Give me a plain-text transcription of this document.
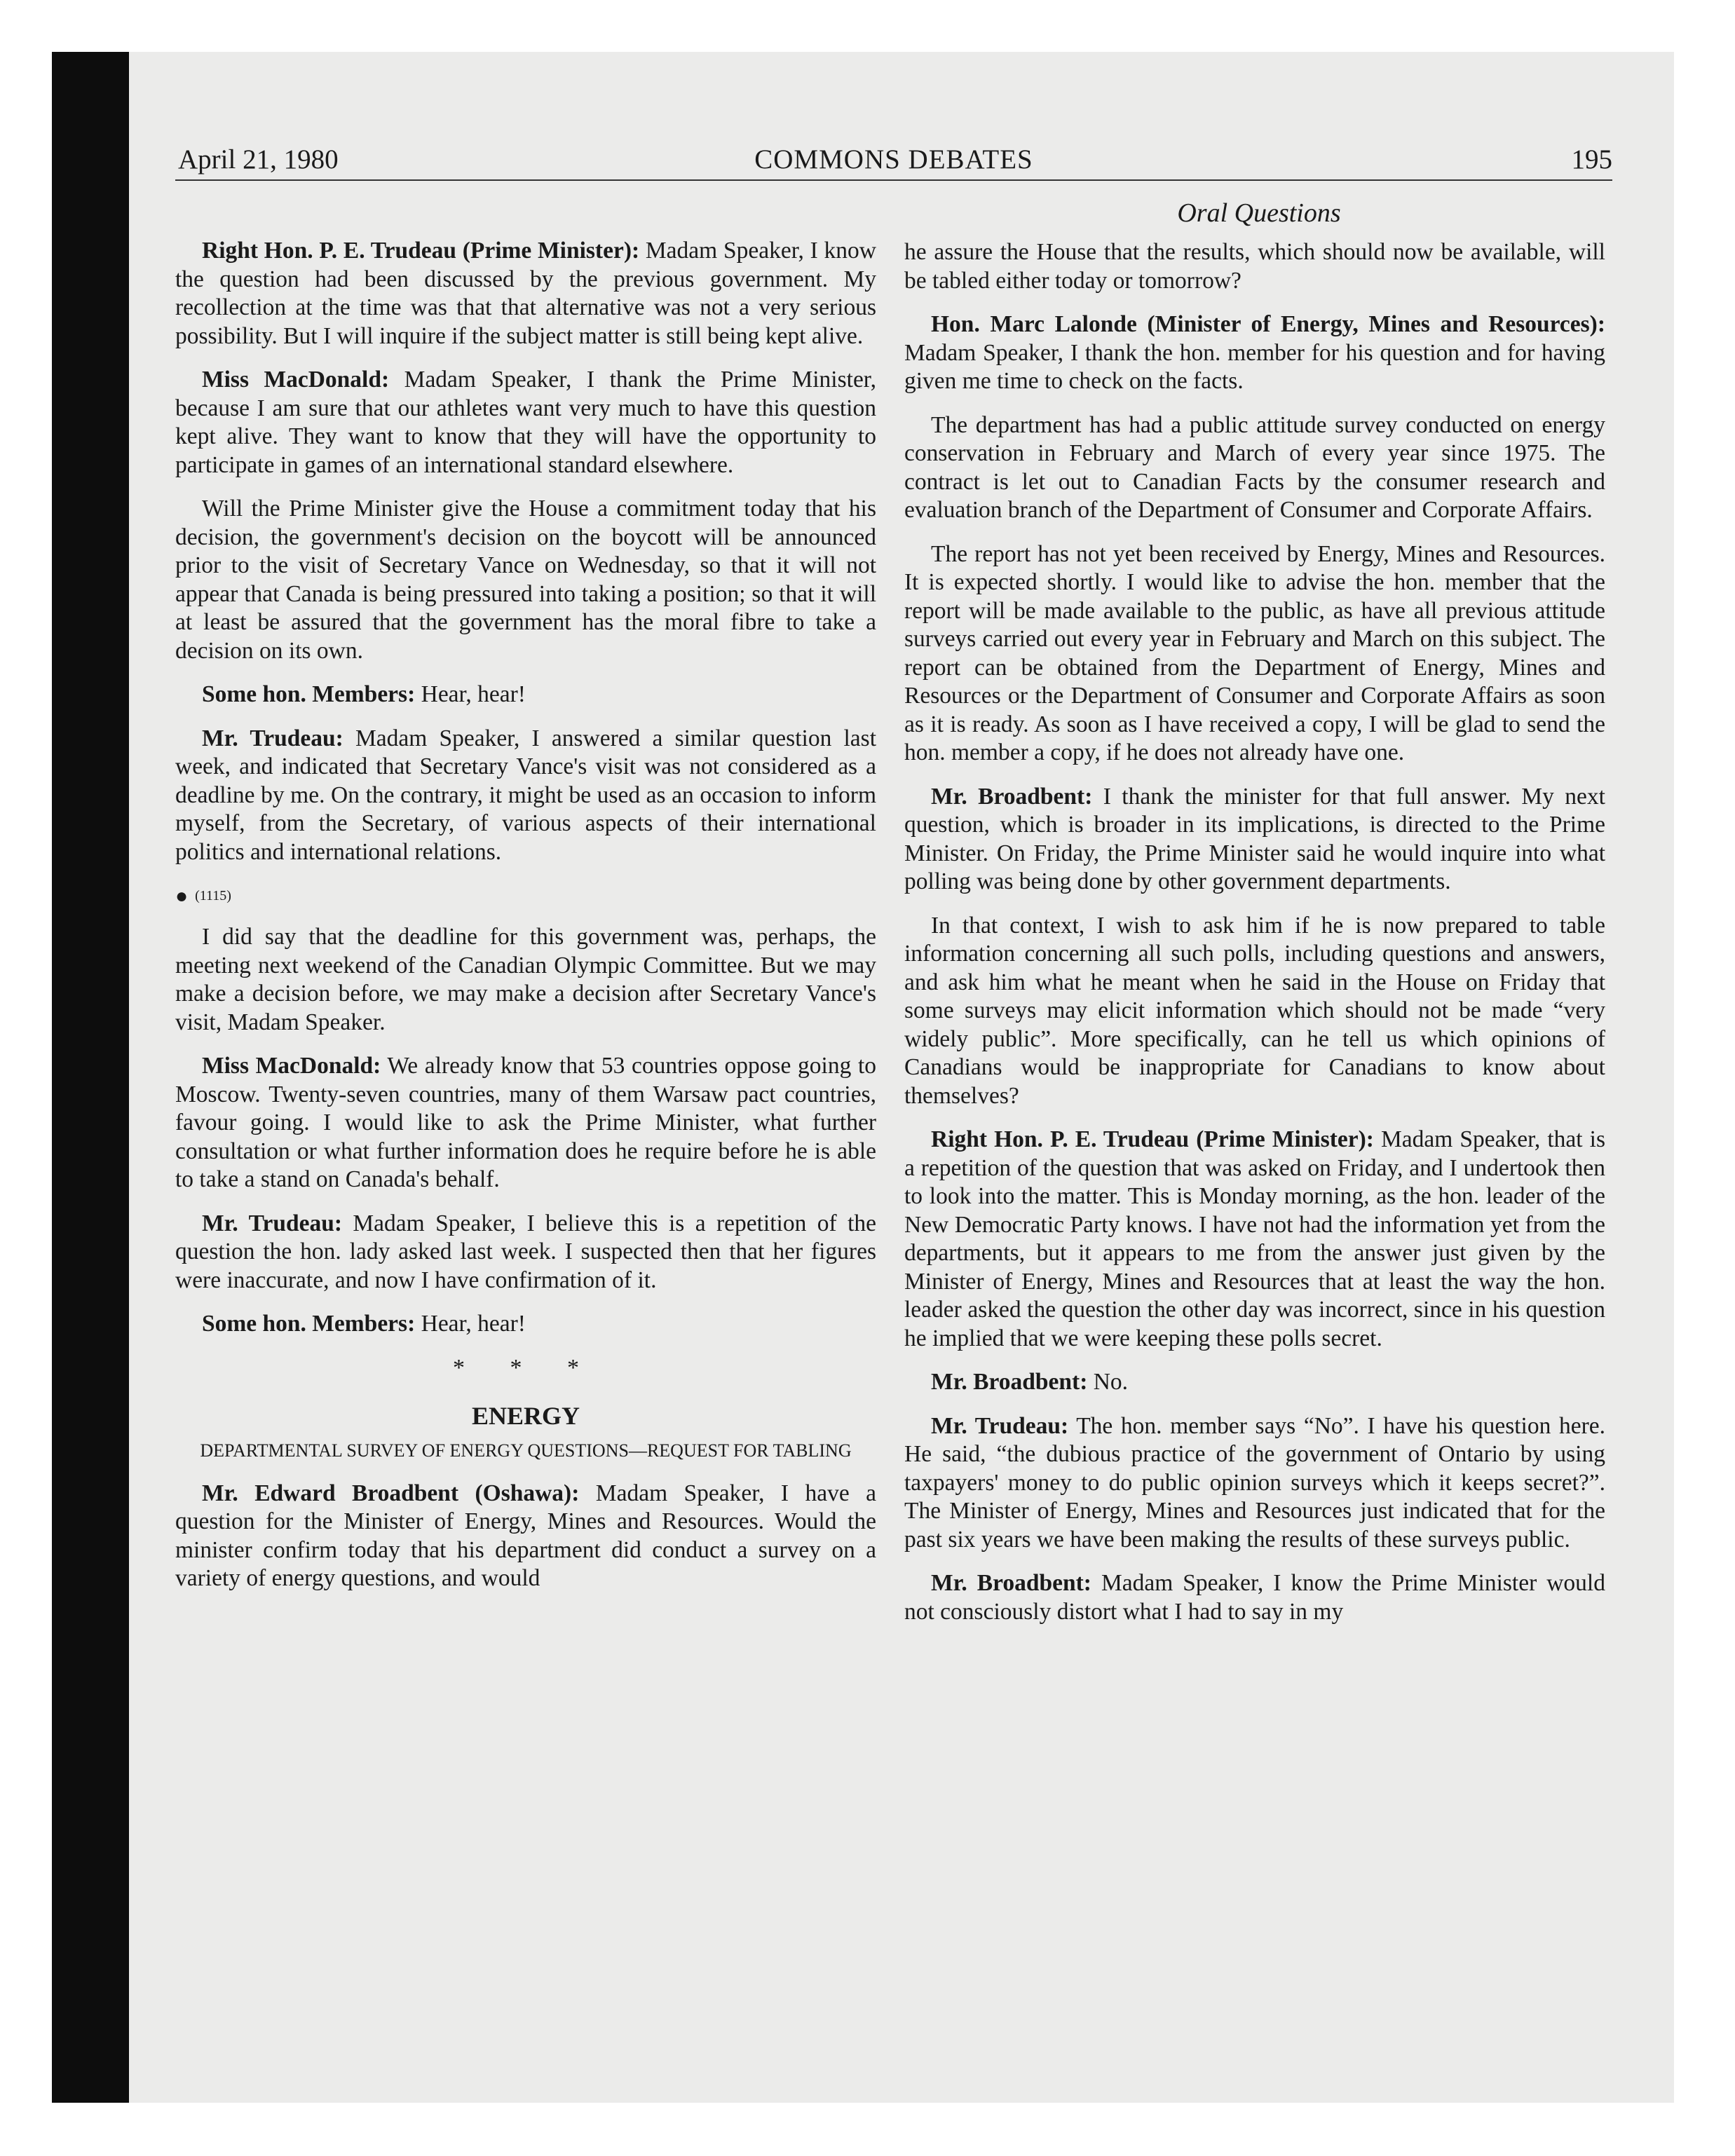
COMMONS DEBATES
April 21, 1980	195
Oral Questions

Right Hon. P. E. Trudeau (Prime Minister): Madam Speaker, I know the question had been discussed by the previous government. My recollection at the time was that that alternative was not a very serious possibility. But I will inquire if the subject matter is still being kept alive.

Miss MacDonald: Madam Speaker, I thank the Prime Minister, because I am sure that our athletes want very much to have this question kept alive. They want to know that they will have the opportunity to participate in games of an international standard elsewhere.

Will the Prime Minister give the House a commitment today that his decision, the government's decision on the boycott will be announced prior to the visit of Secretary Vance on Wednesday, so that it will not appear that Canada is being pressured into taking a position; so that it will at least be assured that the government has the moral fibre to take a decision on its own.

Some hon. Members: Hear, hear!

Mr. Trudeau: Madam Speaker, I answered a similar question last week, and indicated that Secretary Vance's visit was not considered as a deadline by me. On the contrary, it might be used as an occasion to inform myself, from the Secretary, of various aspects of their international politics and international relations.

● (1115)

I did say that the deadline for this government was, perhaps, the meeting next weekend of the Canadian Olympic Committee. But we may make a decision before, we may make a decision after Secretary Vance's visit, Madam Speaker.

Miss MacDonald: We already know that 53 countries oppose going to Moscow. Twenty-seven countries, many of them Warsaw pact countries, favour going. I would like to ask the Prime Minister, what further consultation or what further information does he require before he is able to take a stand on Canada's behalf.

Mr. Trudeau: Madam Speaker, I believe this is a repetition of the question the hon. lady asked last week. I suspected then that her figures were inaccurate, and now I have confirmation of it.

Some hon. Members: Hear, hear!

* * *
ENERGY
DEPARTMENTAL SURVEY OF ENERGY QUESTIONS—REQUEST FOR TABLING

Mr. Edward Broadbent (Oshawa): Madam Speaker, I have a question for the Minister of Energy, Mines and Resources. Would the minister confirm today that his department did conduct a survey on a variety of energy questions, and would

he assure the House that the results, which should now be available, will be tabled either today or tomorrow?

Hon. Marc Lalonde (Minister of Energy, Mines and Resources): Madam Speaker, I thank the hon. member for his question and for having given me time to check on the facts.

The department has had a public attitude survey conducted on energy conservation in February and March of every year since 1975. The contract is let out to Canadian Facts by the consumer research and evaluation branch of the Department of Consumer and Corporate Affairs.

The report has not yet been received by Energy, Mines and Resources. It is expected shortly. I would like to advise the hon. member that the report will be made available to the public, as have all previous attitude surveys carried out every year in February and March on this subject. The report can be obtained from the Department of Energy, Mines and Resources or the Department of Consumer and Corporate Affairs as soon as it is ready. As soon as I have received a copy, I will be glad to send the hon. member a copy, if he does not already have one.

Mr. Broadbent: I thank the minister for that full answer. My next question, which is broader in its implications, is directed to the Prime Minister. On Friday, the Prime Minister said he would inquire into what polling was being done by other government departments.

In that context, I wish to ask him if he is now prepared to table information concerning all such polls, including questions and answers, and ask him what he meant when he said in the House on Friday that some surveys may elicit information which should not be made “very widely public”. More specifically, can he tell us which opinions of Canadians would be inappropriate for Canadians to know about themselves?

Right Hon. P. E. Trudeau (Prime Minister): Madam Speaker, that is a repetition of the question that was asked on Friday, and I undertook then to look into the matter. This is Monday morning, as the hon. leader of the New Democratic Party knows. I have not had the information yet from the departments, but it appears to me from the answer just given by the Minister of Energy, Mines and Resources that at least the way the hon. leader asked the question the other day was incorrect, since in his question he implied that we were keeping these polls secret.

Mr. Broadbent: No.

Mr. Trudeau: The hon. member says “No”. I have his question here. He said, “the dubious practice of the government of Ontario by using taxpayers' money to do public opinion surveys which it keeps secret?”. The Minister of Energy, Mines and Resources just indicated that for the past six years we have been making the results of these surveys public.

Mr. Broadbent: Madam Speaker, I know the Prime Minister would not consciously distort what I had to say in my
